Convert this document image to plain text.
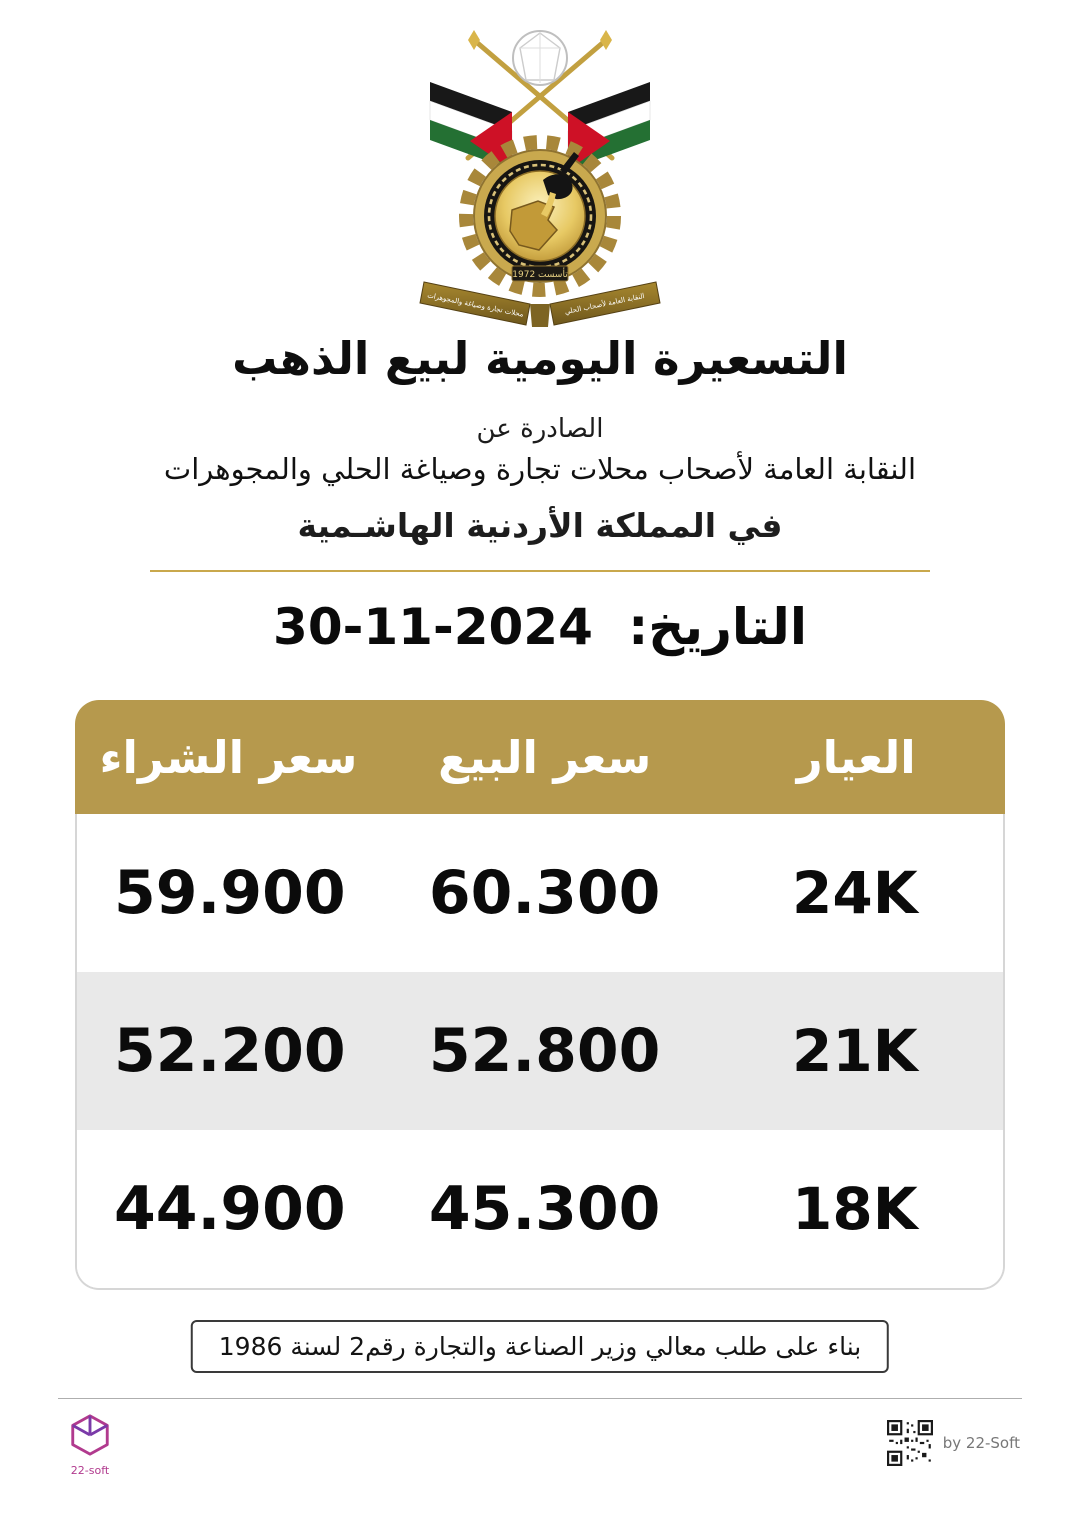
تأسست 1972
محلات تجارة وصياغة والمجوهرات	النقابة العامة لأصحاب الحلي
التسعيرة اليومية لبيع الذهب
الصادرة عن
النقابة العامة لأصحاب محلات تجارة وصياغة الحلي والمجوهرات
في المملكة الأردنية الهاشـمية
التاريخ: 30-11-2024
العيار
سعر البيع
سعر الشراء
24K
60.300
59.900
21K
52.800
52.200
18K
45.300
44.900
بناء على طلب معالي وزير الصناعة والتجارة رقم2 لسنة 1986
22-soft
by 22-Soft
